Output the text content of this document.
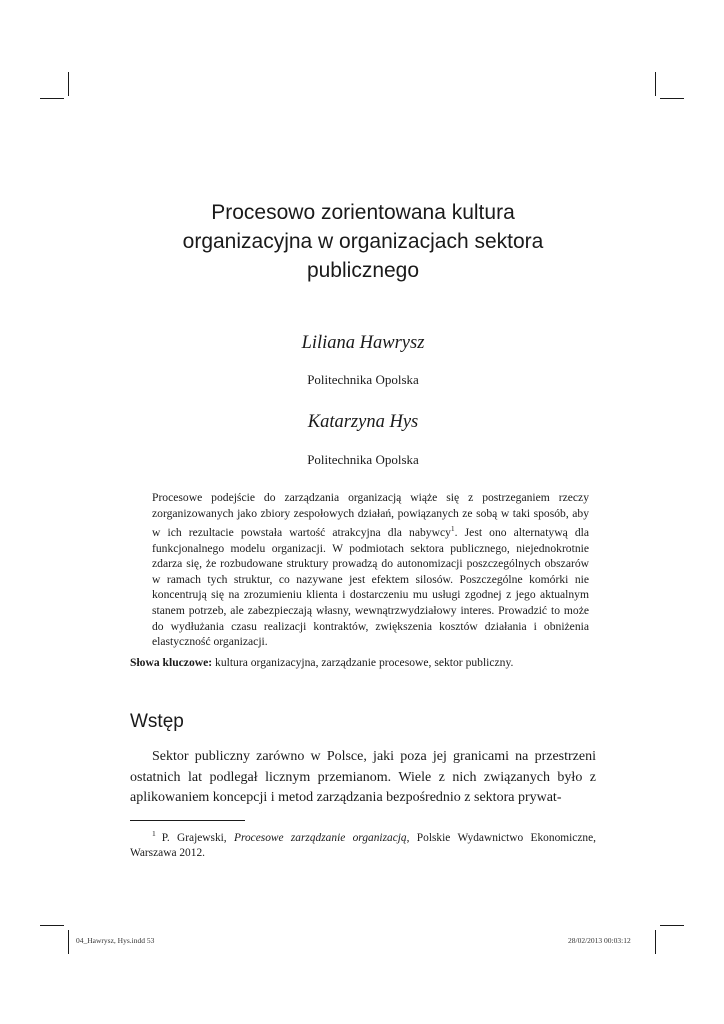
Procesowo zorientowana kultura
organizacyjna w organizacjach sektora
publicznego

Liliana Hawrysz

Politechnika Opolska

Katarzyna Hys

Politechnika Opolska

Procesowe podejście do zarządzania organizacją wiąże się z postrzeganiem rzeczy zorganizowanych jako zbiory zespołowych działań, powiązanych ze sobą w taki sposób, aby w ich rezultacie powstała wartość atrakcyjna dla nabywcy$^1$. Jest ono alternatywą dla funkcjonalnego modelu organizacji. W podmiotach sektora publicznego, niejednokrotnie zdarza się, że rozbudowane struktury prowadzą do autonomizacji poszczególnych obszarów w ramach tych struktur, co nazywane jest efektem silosów. Poszczególne komórki nie koncentrują się na zrozumieniu klienta i dostarczeniu mu usługi zgodnej z jego aktualnym stanem potrzeb, ale zabezpieczają własny, wewnątrzwydziałowy interes. Prowadzić to może do wydłużania czasu realizacji kontraktów, zwiększenia kosztów działania i obniżenia elastyczność organizacji.

Słowa kluczowe: kultura organizacyjna, zarządzanie procesowe, sektor publiczny.

Wstęp

Sektor publiczny zarówno w Polsce, jaki poza jej granicami na przestrzeni ostatnich lat podlegał licznym przemianom. Wiele z nich związanych było z aplikowaniem koncepcji i metod zarządzania bezpośrednio z sektora prywat-

$^1$ P. Grajewski, Procesowe zarządzanie organizacją, Polskie Wydawnictwo Ekonomiczne, Warszawa 2012.

04_Hawrysz, Hys.indd 53	28/02/2013 00:03:12
